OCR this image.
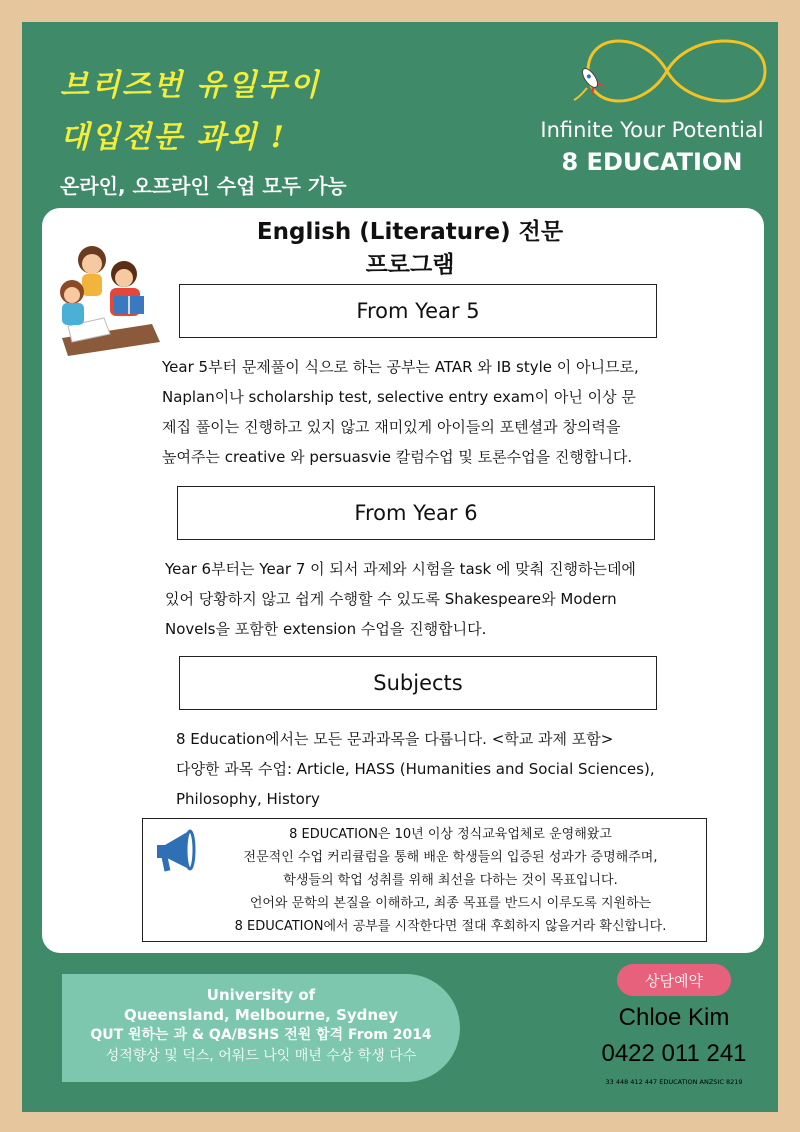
브리즈번 유일무이
대입전문 과외 !
온라인, 오프라인 수업 모두 가능
Infinite Your Potential
8 EDUCATION
English (Literature) 전문
프로그램
From Year 5
Year 5부터 문제풀이 식으로 하는 공부는 ATAR 와 IB style 이 아니므로,
Naplan이나 scholarship test, selective entry exam이 아닌 이상 문
제집 풀이는 진행하고 있지 않고 재미있게 아이들의 포텐셜과 창의력을
높여주는 creative 와 persuasvie 칼럼수업 및 토론수업을 진행합니다.
From Year 6
Year 6부터는 Year 7 이 되서 과제와 시험을 task 에 맞춰 진행하는데에
있어 당황하지 않고 쉽게 수행할 수 있도록 Shakespeare와 Modern
Novels을 포함한 extension 수업을 진행합니다.
Subjects
8 Education에서는 모든 문과과목을 다룹니다. <학교 과제 포함>
다양한 과목 수업: Article, HASS (Humanities and Social Sciences),
Philosophy, History
8 EDUCATION은 10년 이상 정식교육업체로 운영해왔고
전문적인 수업 커리큘럼을 통해 배운 학생들의 입증된 성과가 증명해주며,
학생들의 학업 성취를 위해 최선을 다하는 것이 목표입니다.
언어와 문학의 본질을 이해하고, 최종 목표를 반드시 이루도록 지원하는
8 EDUCATION에서 공부를 시작한다면 절대 후회하지 않을거라 확신합니다.
University of
Queensland, Melbourne, Sydney
QUT 원하는 과 & QA/BSHS 전원 합격 From 2014
성적향상 및 덕스, 어워드 나잇 매년 수상 학생 다수
상담예약
Chloe Kim
0422 011 241
33 448 412 447 EDUCATION ANZSIC 8219
